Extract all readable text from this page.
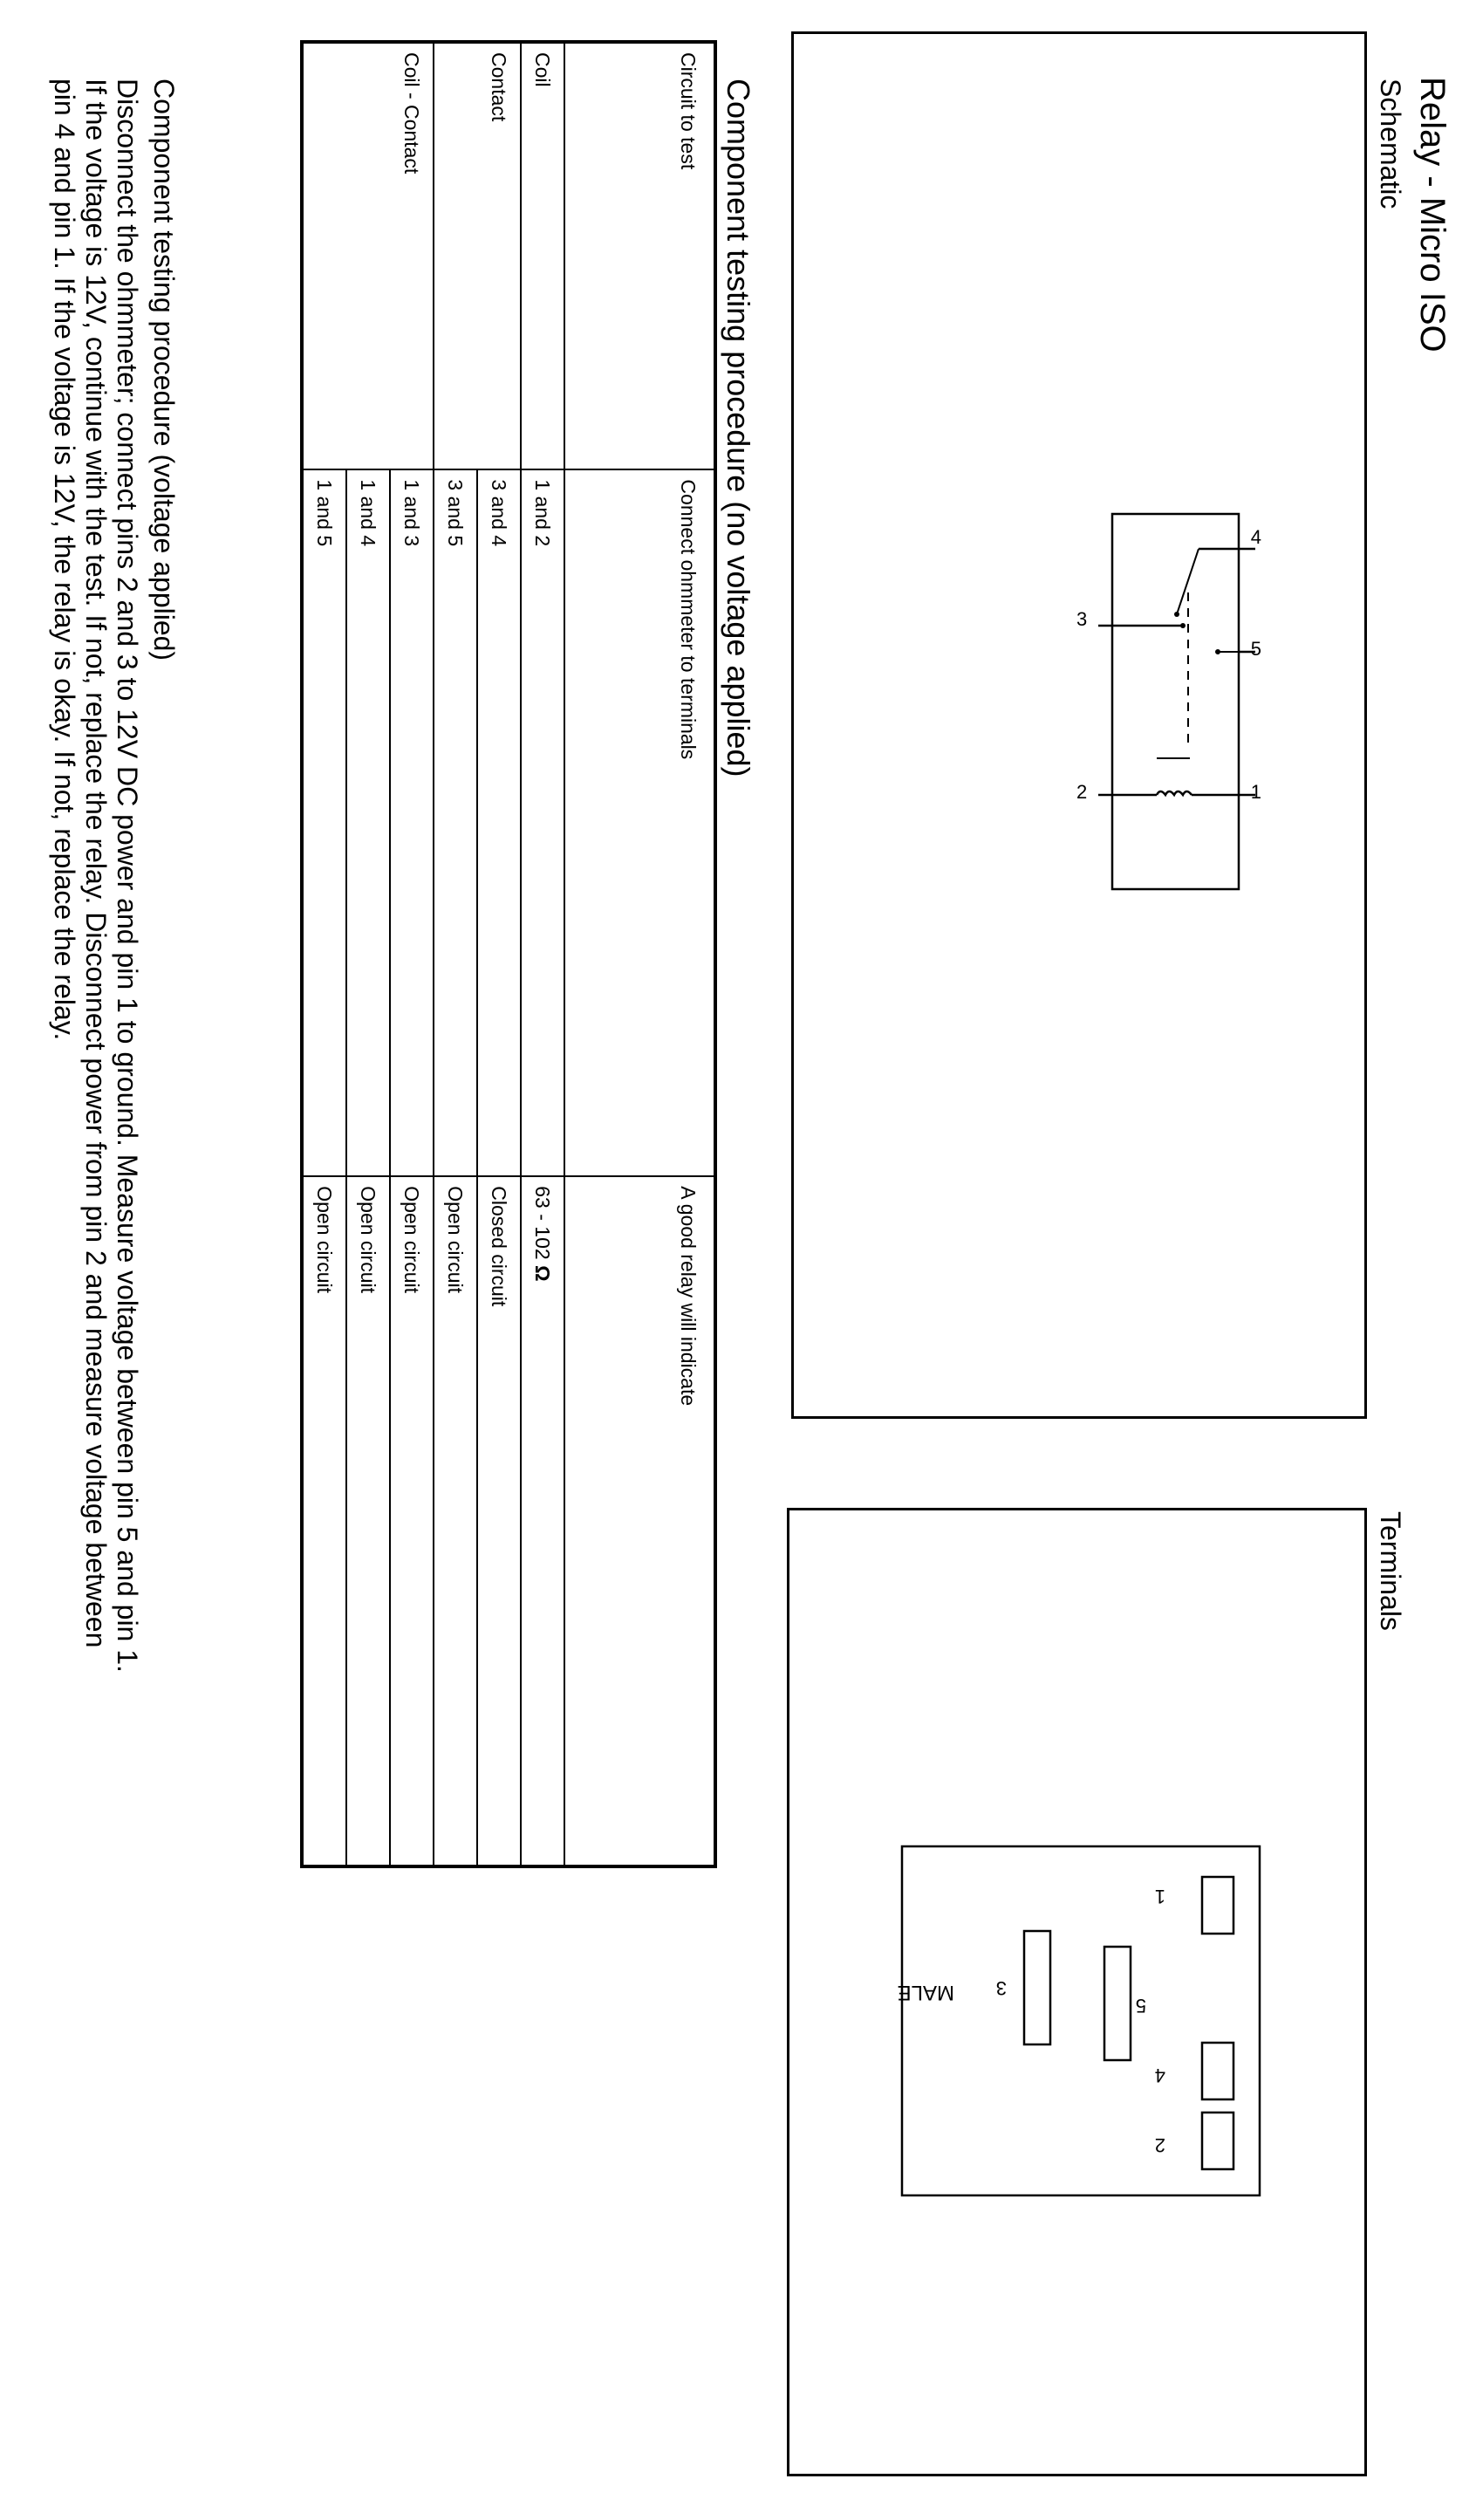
Relay - Micro ISO
Schematic
Terminals
4
3
5
1
2
1
4
2
5
3
MALE
Component testing procedure (no voltage applied)
Circuit to test	Connect ohmmeter to terminals	A good relay will indicate
Coil	1 and 2	63 - 102 Ω
Contact	3 and 4	Closed circuit
	3 and 5	Open circuit
Coil - Contact	1 and 3	Open circuit
	1 and 4	Open circuit
	1 and 5	Open circuit
Component testing procedure (voltage applied)
Disconnect the ohmmeter; connect pins 2 and 3 to 12V DC power and pin 1 to ground. Measure voltage between pin 5 and pin 1.
If the voltage is 12V, continue with the test. If not, replace the relay. Disconnect power from pin 2 and measure voltage between
pin 4 and pin 1. If the voltage is 12V, the relay is okay. If not, replace the relay.
